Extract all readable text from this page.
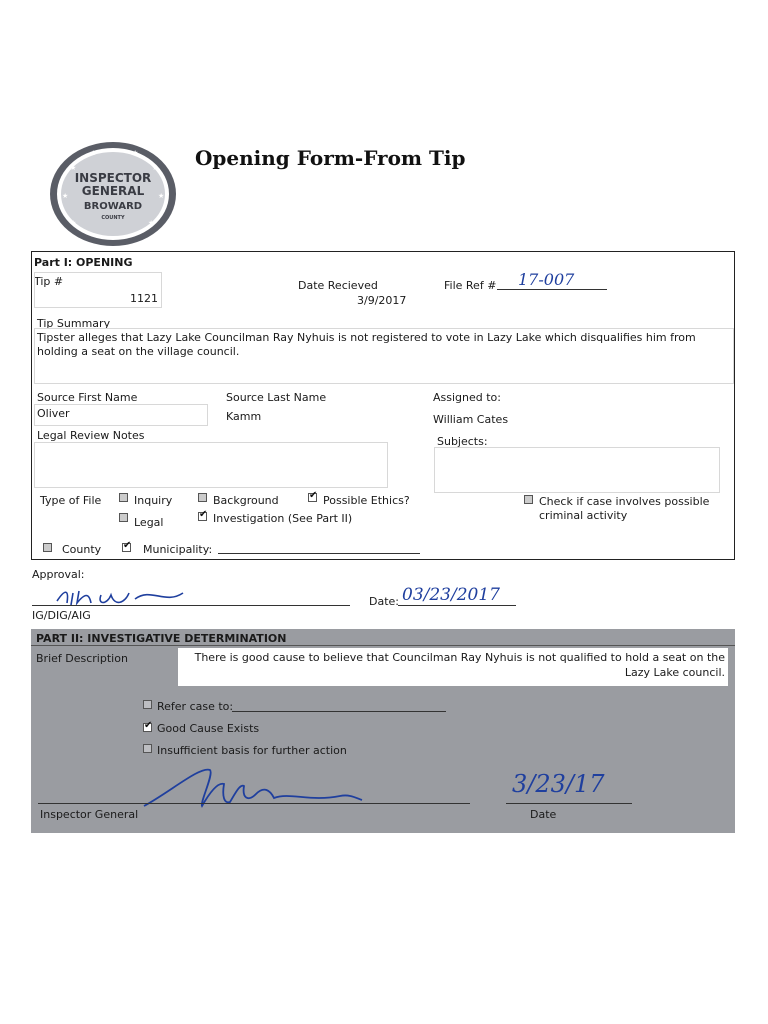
★
★
★	★
★
★
★
★
INSPECTOR
GENERAL
BROWARD
COUNTY
Opening Form-From Tip
Part I: OPENING
Tip #
1121
Date Recieved
3/9/2017
File Ref # 17-007
Tip Summary
Tipster alleges that Lazy Lake Councilman Ray Nyhuis is not registered to vote in Lazy Lake which disqualifies him from holding a seat on the village council.
Source First Name
Oliver
Source Last Name
Kamm
Assigned to:
William Cates
Legal Review Notes	Subjects:
Type of File	Inquiry	Background ✔	Possible Ethics?
Legal ✔	Investigation (See Part II)
Check if case involves possible criminal activity
County ✔	Municipality:
Approval:
IG/DIG/AIG
Date: 03/23/2017
PART II: INVESTIGATIVE DETERMINATION
Brief Description	There is good cause to believe that Councilman Ray Nyhuis is not qualified to hold a seat on the Lazy Lake council.
Refer case to:
✔
Good Cause Exists
Insufficient basis for further action
Inspector General
3/23/17
Date
